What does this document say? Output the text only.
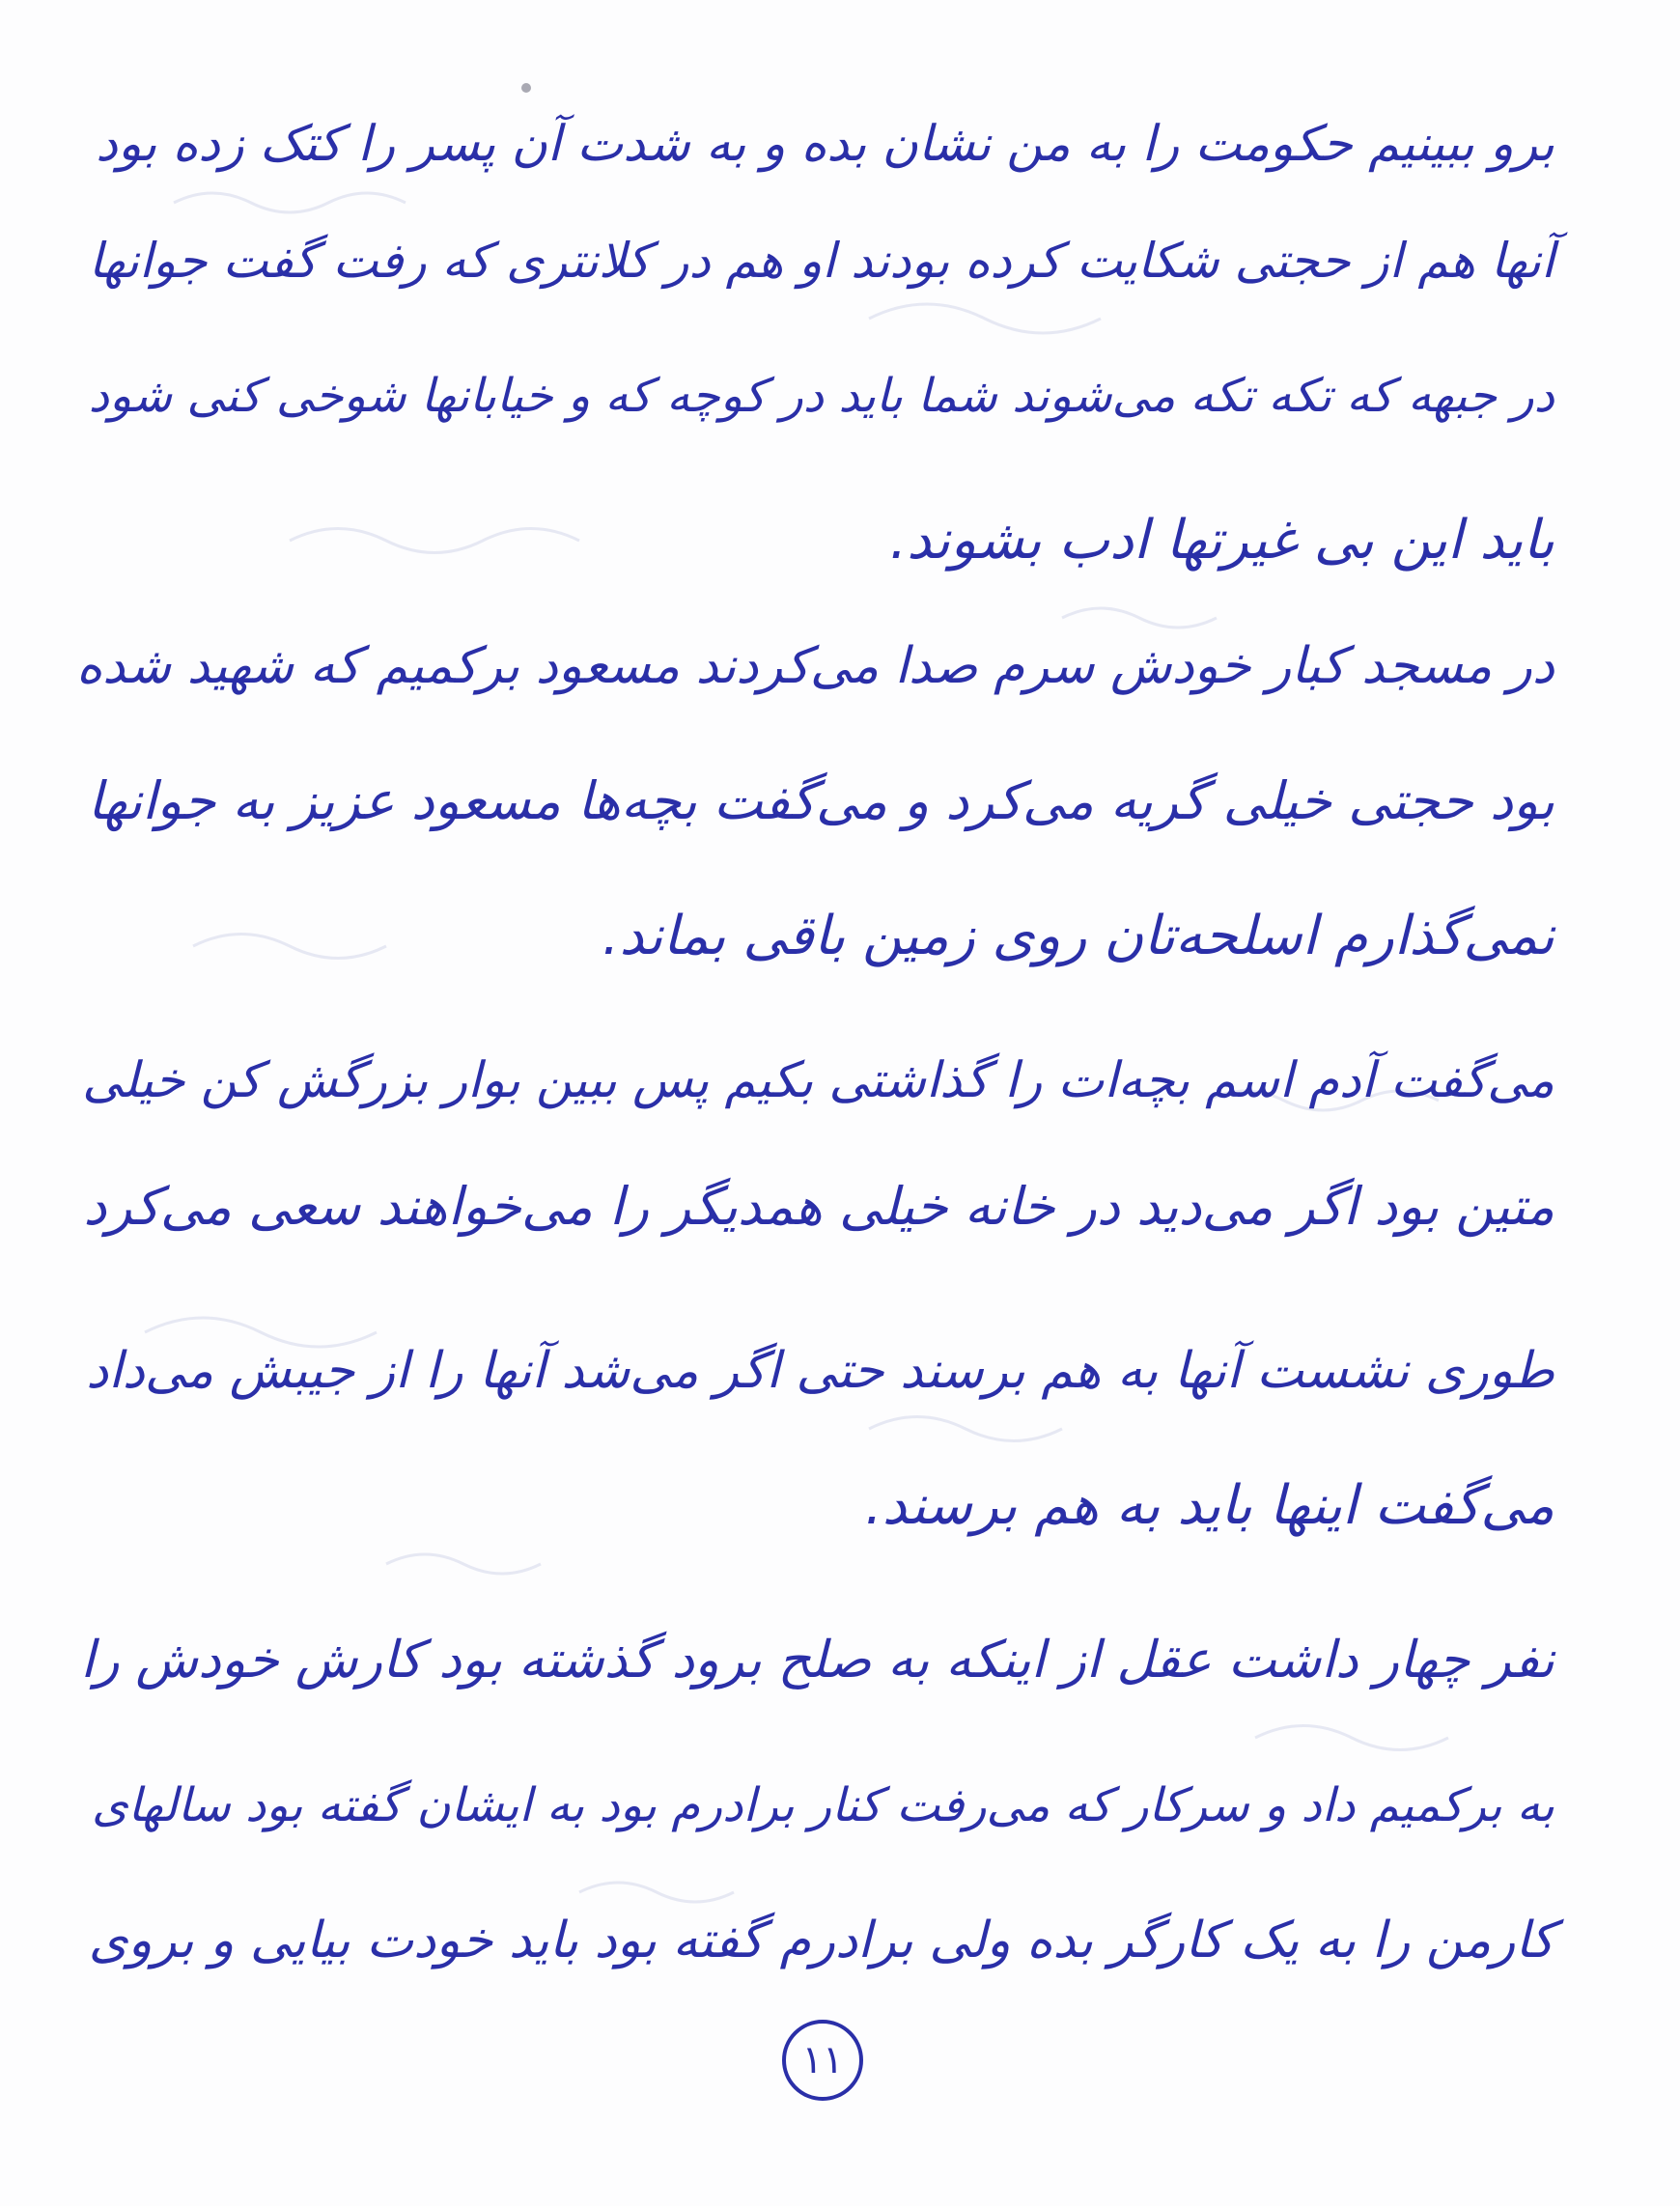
برو ببینیم حکومت را به من نشان بده و به شدت آن پسر را کتک زده بود
آنها هم از حجتی شکایت کرده بودند او هم در کلانتری که رفت گفت جوانها
در جبهه که تکه تکه می‌شوند شما باید در کوچه که و خیابانها شوخی کنی شود
باید این بی غیرتها ادب بشوند.
در مسجد کبار خودش سرم صدا می‌کردند مسعود برکمیم که شهید شده
بود حجتی خیلی گریه می‌کرد و می‌گفت بچه‌ها مسعود عزیز به جوانها
نمی‌گذارم اسلحه‌تان روی زمین باقی بماند.
می‌گفت آدم اسم بچه‌ات را گذاشتی بکیم پس ببین بوار بزرگش کن خیلی
متین بود اگر می‌دید در خانه خیلی همدیگر را می‌خواهند سعی می‌کرد
طوری نشست آنها به هم برسند حتی اگر می‌شد آنها را از جیبش می‌داد
می‌گفت اینها باید به هم برسند.
نفر چهار داشت عقل از اینکه به صلح برود گذشته بود کارش خودش را
به برکمیم داد و سرکار که می‌رفت کنار برادرم بود به ایشان گفته بود سالهای
کارمن را به یک کارگر بده ولی برادرم گفته بود باید خودت بیایی و بروی
۱۱
